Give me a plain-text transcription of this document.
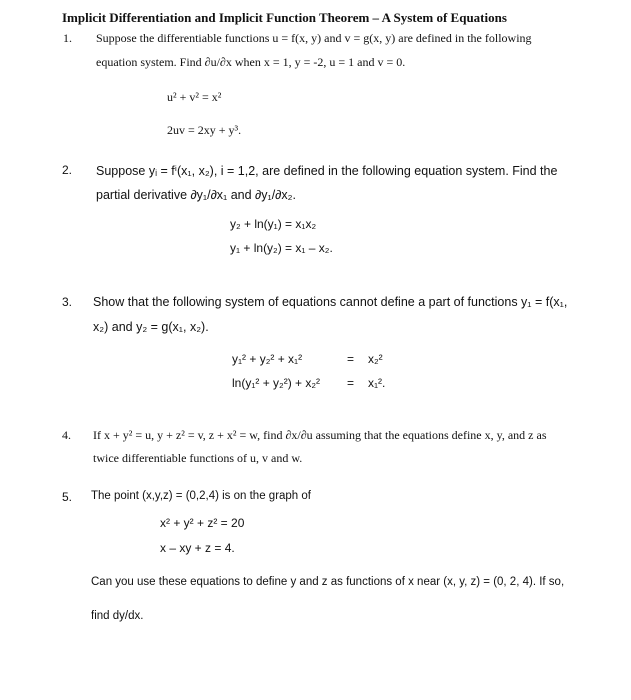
Implicit Differentiation and Implicit Function Theorem – A System of Equations
1. Suppose the differentiable functions u = f(x, y) and v = g(x, y) are defined in the following
equation system. Find ∂u/∂x when x = 1, y = -2, u = 1 and v = 0.
u² + v² = x²
2uv = 2xy + y³.
2. Suppose yᵢ = fⁱ(x₁, x₂), i = 1,2, are defined in the following equation system. Find the
partial derivative ∂y₁/∂x₁ and ∂y₁/∂x₂.
y₂ + ln(y₁) = x₁x₂
y₁ + ln(y₂) = x₁ – x₂.
3. Show that the following system of equations cannot define a part of functions y₁ = f(x₁,
x₂) and y₂ = g(x₁, x₂).
y₁² + y₂² + x₁²	= x₂²
ln(y₁² + y₂²) + x₂² = x₁².
4. If x + y² = u, y + z² = v, z + x² = w, find ∂x/∂u assuming that the equations define x, y, and z as
twice differentiable functions of u, v and w.
5. The point (x,y,z) = (0,2,4) is on the graph of
x² + y² + z² = 20
x – xy + z = 4.
Can you use these equations to define y and z as functions of x near (x, y, z) = (0, 2, 4). If so,
find dy/dx.
